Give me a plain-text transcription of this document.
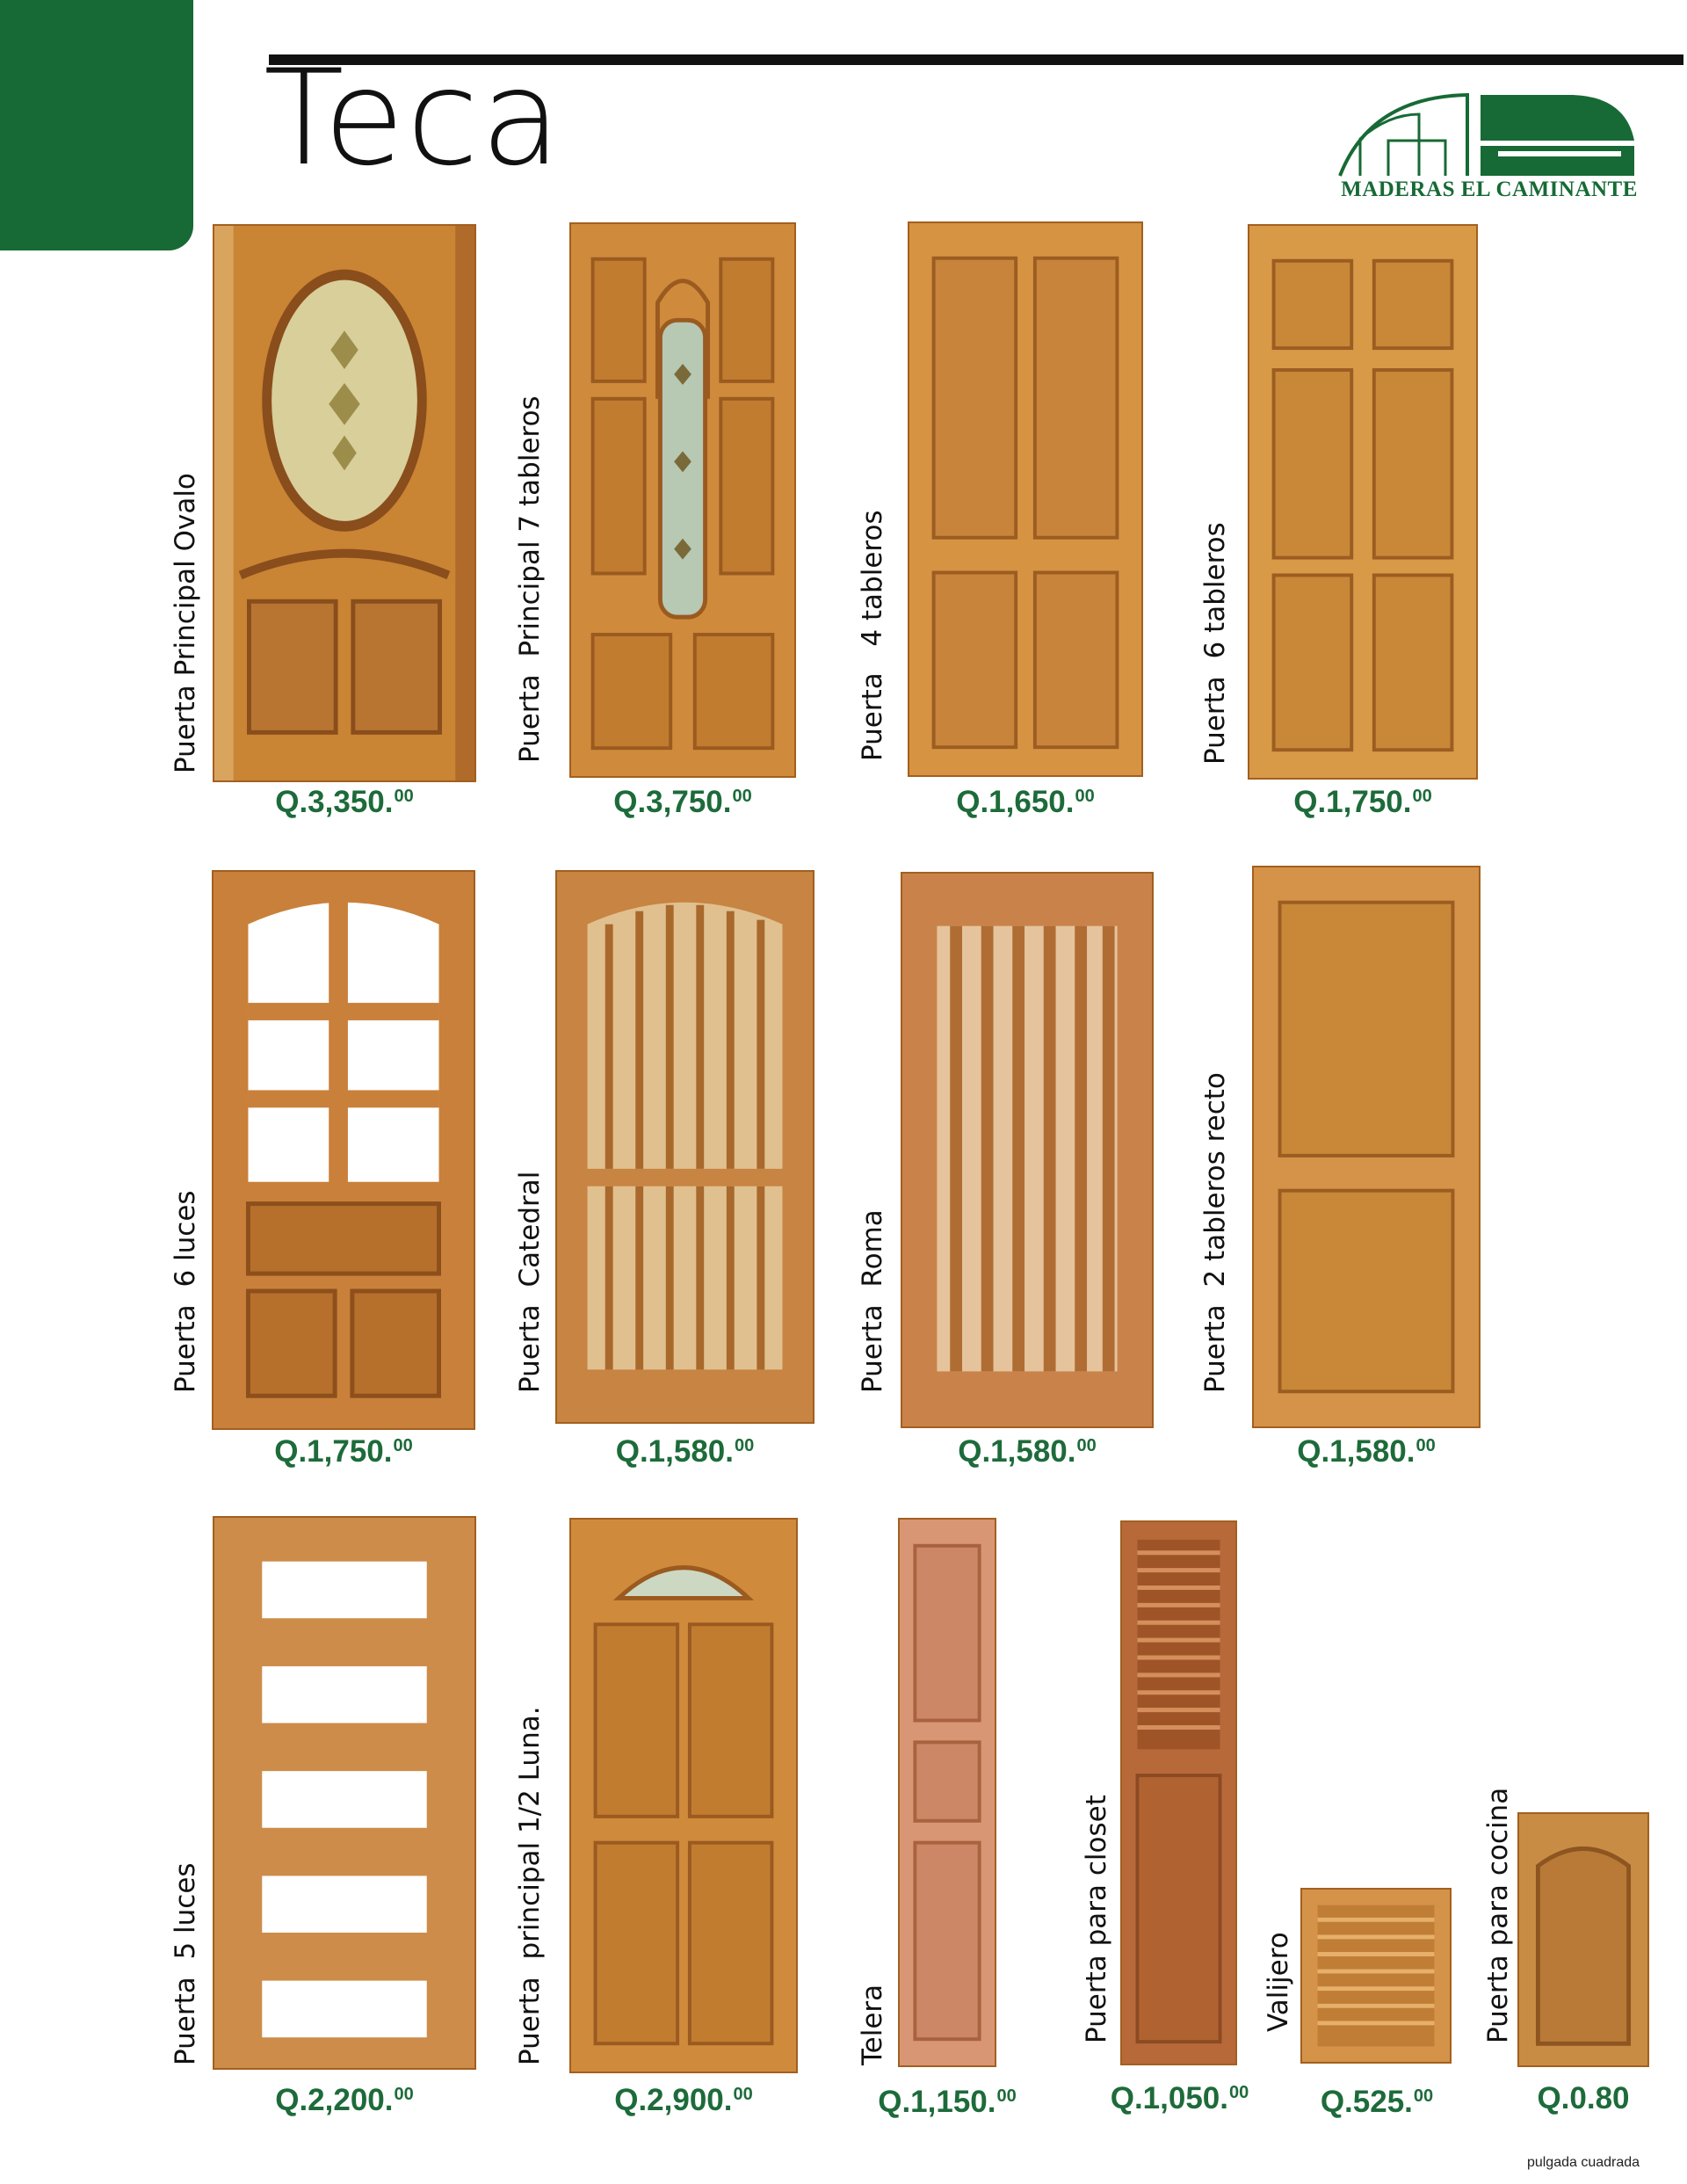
Teca	MADERAS EL CAMINANTE
Puerta Principal Ovalo	Puerta  Principal 7 tableros	Puerta   4 tableros	Puerta  6 tableros
Puerta  6 luces	Puerta  Catedral	Puerta  Roma	Puerta  2 tableros recto
Puerta  5 luces	Puerta  principal 1/2 Luna.	Telera	Puerta para closet	Valijero	Puerta para cocina
Q.3,350.00	Q.3,750.00	Q.1,650.00	Q.1,750.00
Q.1,750.00	Q.1,580.00	Q.1,580.00	Q.1,580.00
Q.2,200.00	Q.2,900.00	Q.1,150.00	Q.1,050.00	Q.525.00	Q.0.80
pulgada cuadrada
